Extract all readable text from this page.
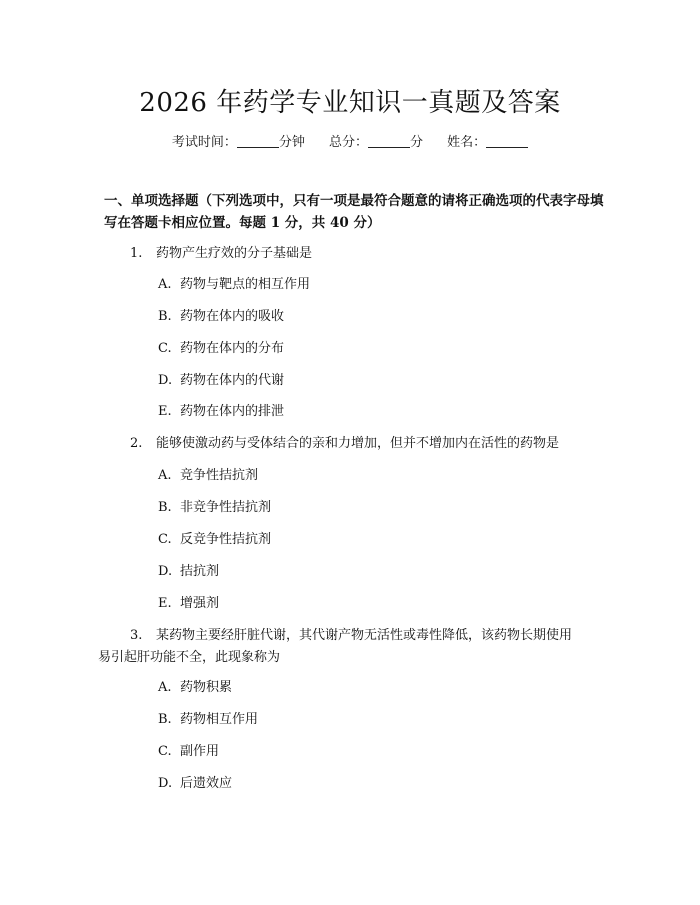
2026 年药学专业知识一真题及答案
考试时间：	分钟 总分：	分 姓名：
一、单项选择题（下列选项中，只有一项是最符合题意的请将正确选项的代表字母填写在答题卡相应位置。每题 1 分，共 40 分）
1. 药物产生疗效的分子基础是
A. 药物与靶点的相互作用
B. 药物在体内的吸收
C. 药物在体内的分布
D. 药物在体内的代谢
E. 药物在体内的排泄
2. 能够使激动药与受体结合的亲和力增加，但并不增加内在活性的药物是
A. 竞争性拮抗剂
B. 非竞争性拮抗剂
C. 反竞争性拮抗剂
D. 拮抗剂
E. 增强剂
3. 某药物主要经肝脏代谢，其代谢产物无活性或毒性降低，该药物长期使用
易引起肝功能不全，此现象称为
A. 药物积累
B. 药物相互作用
C. 副作用
D. 后遗效应
